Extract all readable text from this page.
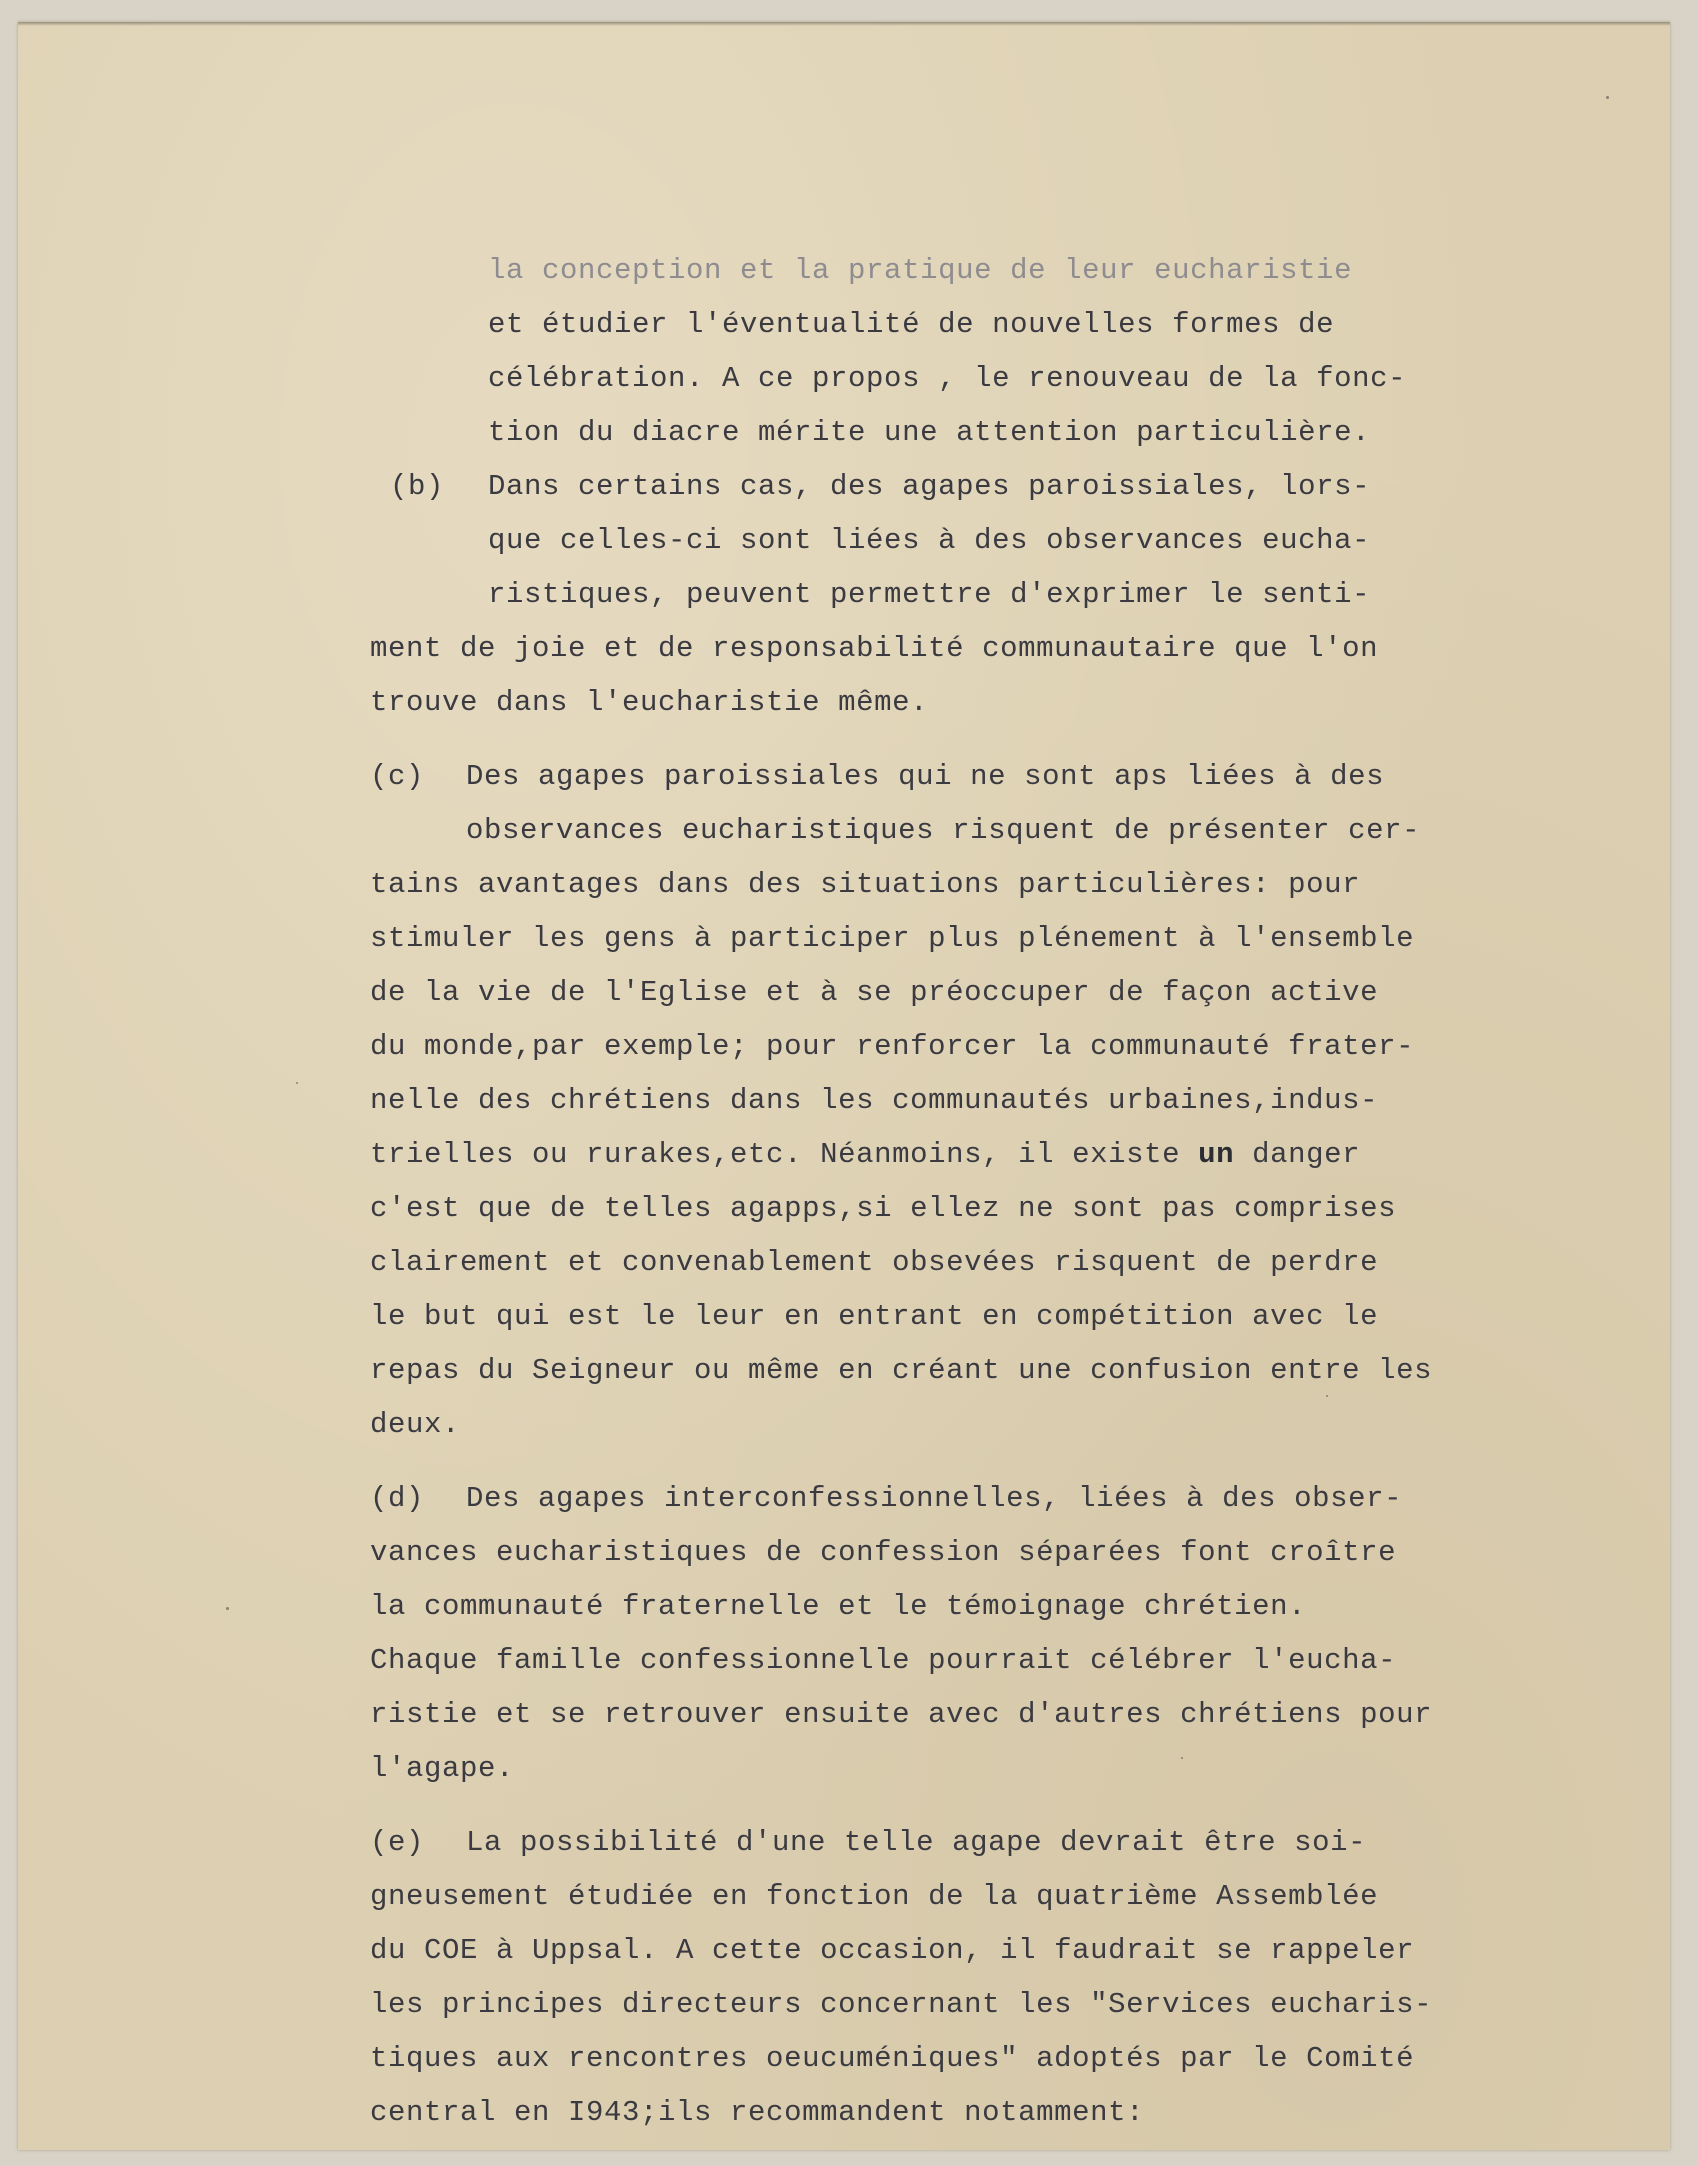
la conception et la pratique de leur eucharistie
et étudier l'éventualité de nouvelles formes de
célébration. A ce propos , le renouveau de la fonc-
tion du diacre mérite une attention particulière.
(b) Dans certains cas, des agapes paroissiales, lors-
que celles-ci sont liées à des observances eucha-
ristiques, peuvent permettre d'exprimer le senti-
ment de joie et de responsabilité communautaire que l'on
trouve dans l'eucharistie même.
(c) Des agapes paroissiales qui ne sont aps liées à des
observances eucharistiques risquent de présenter cer-
tains avantages dans des situations particulières: pour
stimuler les gens à participer plus plénement à l'ensemble
de la vie de l'Eglise et à se préoccuper de façon active
du monde,par exemple; pour renforcer la communauté frater-
nelle des chrétiens dans les communautés urbaines,indus-
trielles ou rurakes,etc. Néanmoins, il existe un danger
c'est que de telles agapps,si ellez ne sont pas comprises
clairement et convenablement obsevées risquent de perdre
le but qui est le leur en entrant en compétition avec le
repas du Seigneur ou même en créant une confusion entre les
deux.
(d) Des agapes interconfessionnelles, liées à des obser-
vances eucharistiques de confession séparées font croître
la communauté fraternelle et le témoignage chrétien.
Chaque famille confessionnelle pourrait célébrer l'eucha-
ristie et se retrouver ensuite avec d'autres chrétiens pour
l'agape.
(e) La possibilité d'une telle agape devrait être soi-
gneusement étudiée en fonction de la quatrième Assemblée
du COE à Uppsal. A cette occasion, il faudrait se rappeler
les principes directeurs concernant les "Services eucharis-
tiques aux rencontres oeucuméniques" adoptés par le Comité
central en I943;ils recommandent notamment:
